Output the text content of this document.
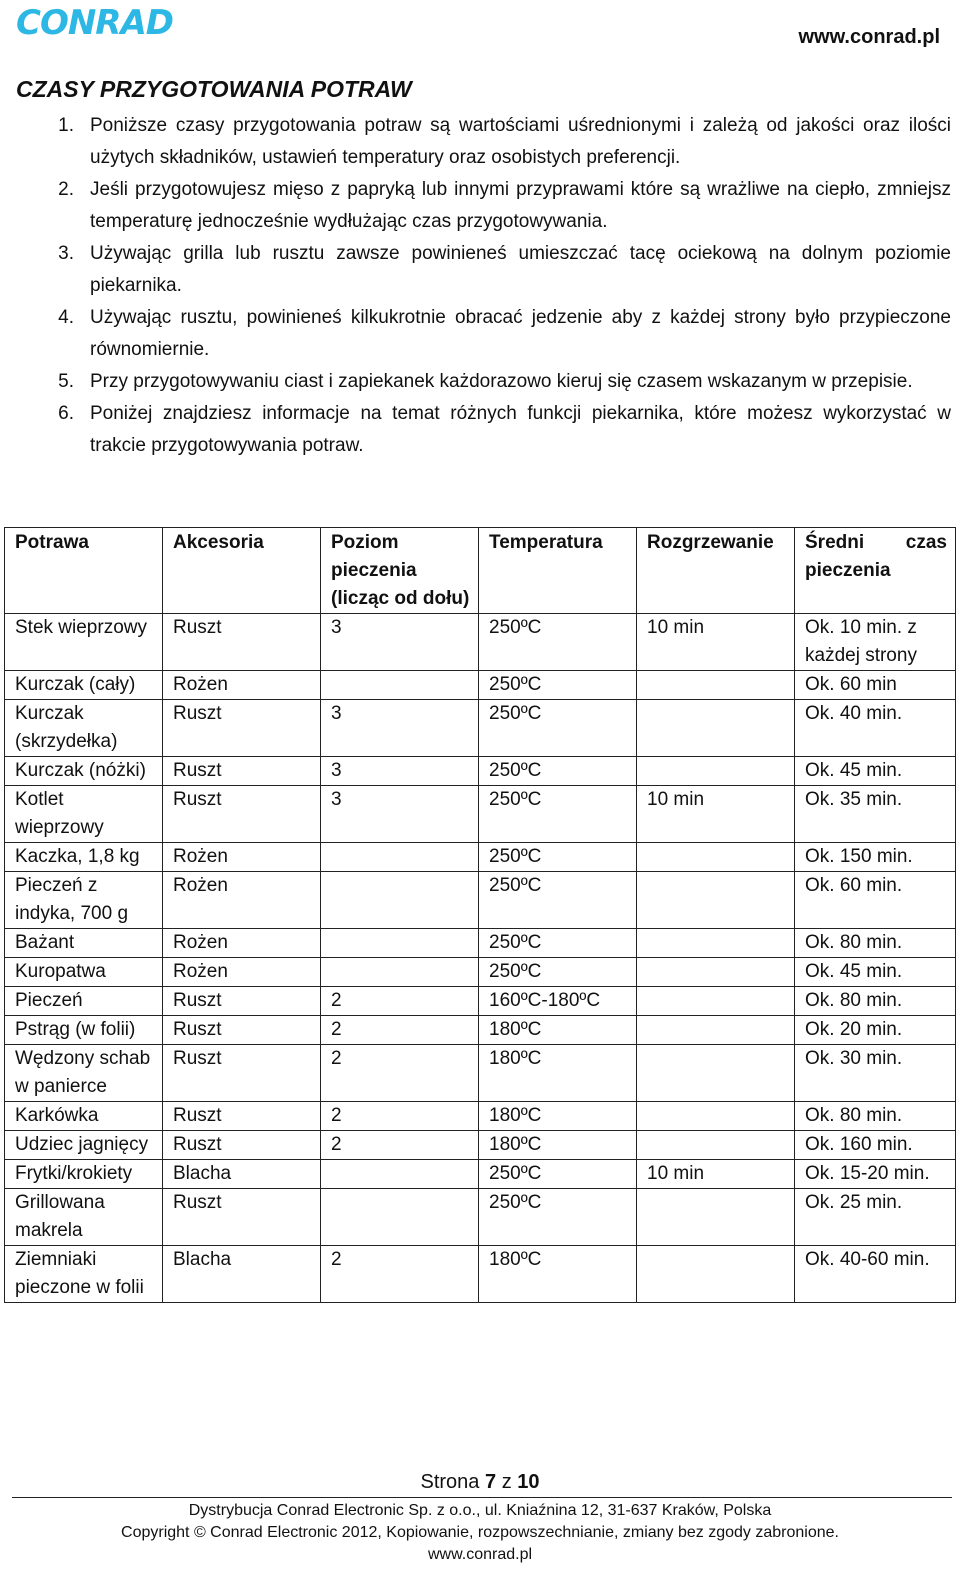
CONRAD	www.conrad.pl
CZASY PRZYGOTOWANIA POTRAW
1. Poniższe czasy przygotowania potraw są wartościami uśrednionymi i zależą od jakości oraz ilości użytych składników, ustawień temperatury oraz osobistych preferencji.
2. Jeśli przygotowujesz mięso z papryką lub innymi przyprawami które są wrażliwe na ciepło, zmniejsz temperaturę jednocześnie wydłużając czas przygotowywania.
3. Używając grilla lub rusztu zawsze powinieneś umieszczać tacę ociekową na dolnym poziomie piekarnika.
4. Używając rusztu, powinieneś kilkukrotnie obracać jedzenie aby z każdej strony było przypieczone równomiernie.
5. Przy przygotowywaniu ciast i zapiekanek każdorazowo kieruj się czasem wskazanym w przepisie.
6. Poniżej znajdziesz informacje na temat różnych funkcji piekarnika, które możesz wykorzystać w trakcie przygotowywania potraw.
Potrawa	Akcesoria	Poziom pieczenia (licząc od dołu)	Temperatura	Rozgrzewanie	Średni czas pieczenia
Stek wieprzowy	Ruszt	3	250ºC	10 min	Ok. 10 min. z każdej strony
Kurczak (cały)	Rożen		250ºC		Ok. 60 min
Kurczak (skrzydełka)	Ruszt	3	250ºC		Ok. 40 min.
Kurczak (nóżki)	Ruszt	3	250ºC		Ok. 45 min.
Kotlet wieprzowy	Ruszt	3	250ºC	10 min	Ok. 35 min.
Kaczka, 1,8 kg	Rożen		250ºC		Ok. 150 min.
Pieczeń z indyka, 700 g	Rożen		250ºC		Ok. 60 min.
Bażant	Rożen		250ºC		Ok. 80 min.
Kuropatwa	Rożen		250ºC		Ok. 45 min.
Pieczeń	Ruszt	2	160ºC-180ºC		Ok. 80 min.
Pstrąg (w folii)	Ruszt	2	180ºC		Ok. 20 min.
Wędzony schab w panierce	Ruszt	2	180ºC		Ok. 30 min.
Karkówka	Ruszt	2	180ºC		Ok. 80 min.
Udziec jagnięcy	Ruszt	2	180ºC		Ok. 160 min.
Frytki/krokiety	Blacha		250ºC	10 min	Ok. 15-20 min.
Grillowana makrela	Ruszt		250ºC		Ok. 25 min.
Ziemniaki pieczone w folii	Blacha	2	180ºC		Ok. 40-60 min.
Strona 7 z 10
Dystrybucja Conrad Electronic Sp. z o.o., ul. Kniaźnina 12, 31-637 Kraków, Polska
Copyright © Conrad Electronic 2012, Kopiowanie, rozpowszechnianie, zmiany bez zgody zabronione.
www.conrad.pl
